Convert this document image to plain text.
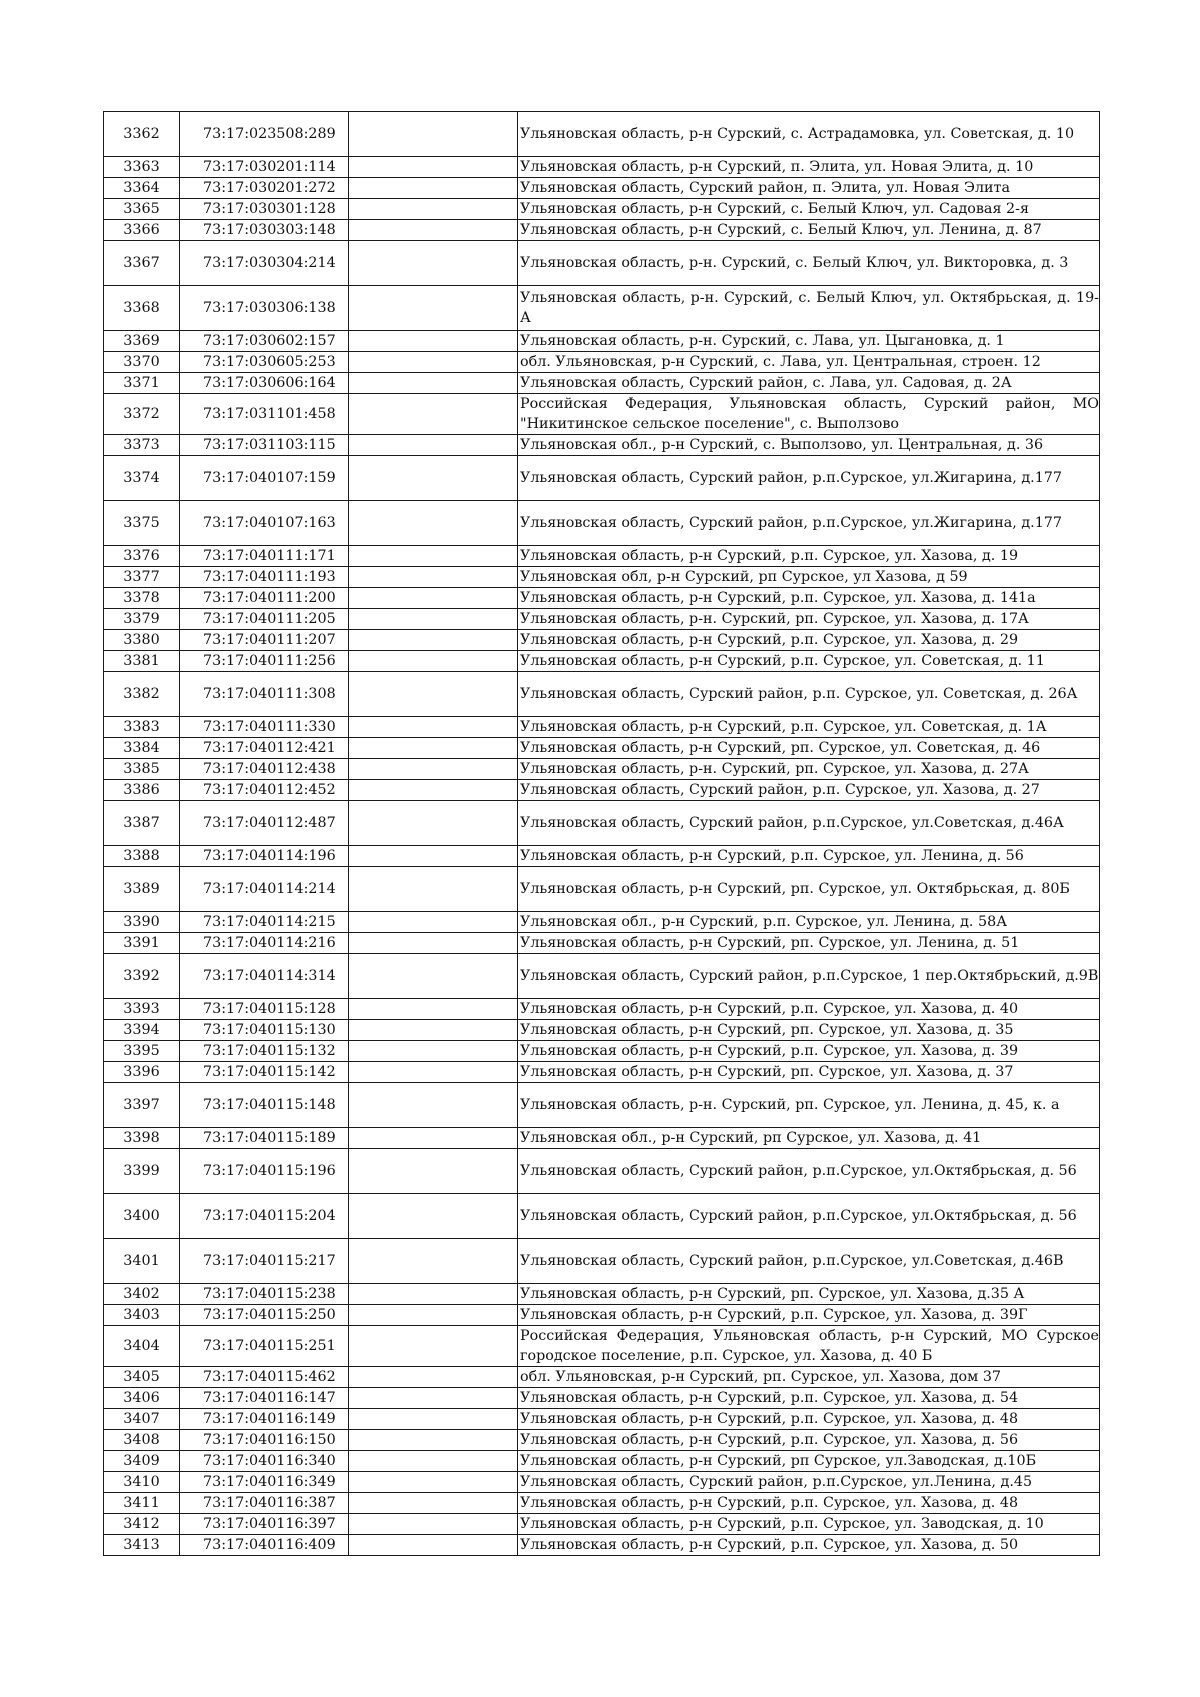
3362	73:17:023508:289		Ульяновская область, р-н Сурский, с. Астрадамовка, ул. Советская, д. 10
3363	73:17:030201:114		Ульяновская область, р-н Сурский, п. Элита, ул. Новая Элита, д. 10
3364	73:17:030201:272		Ульяновская область, Сурский район, п. Элита, ул. Новая Элита
3365	73:17:030301:128		Ульяновская область, р-н Сурский, с. Белый Ключ, ул. Садовая 2-я
3366	73:17:030303:148		Ульяновская область, р-н Сурский, с. Белый Ключ, ул. Ленина, д. 87
3367	73:17:030304:214		Ульяновская область, р-н. Сурский, с. Белый Ключ, ул. Викторовка, д. 3
3368	73:17:030306:138		Ульяновская область, р-н. Сурский, с. Белый Ключ, ул. Октябрьская, д. 19-А
3369	73:17:030602:157		Ульяновская область, р-н. Сурский, с. Лава, ул. Цыгановка, д. 1
3370	73:17:030605:253		обл. Ульяновская, р-н Сурский, с. Лава, ул. Центральная, строен. 12
3371	73:17:030606:164		Ульяновская область, Сурский район, с. Лава, ул. Садовая, д. 2А
3372	73:17:031101:458		Российская Федерация, Ульяновская область, Сурский район, МО "Никитинское сельское поселение", с. Выползово
3373	73:17:031103:115		Ульяновская обл., р-н Сурский, с. Выползово, ул. Центральная, д. 36
3374	73:17:040107:159		Ульяновская область, Сурский район, р.п.Сурское, ул.Жигарина, д.177
3375	73:17:040107:163		Ульяновская область, Сурский район, р.п.Сурское, ул.Жигарина, д.177
3376	73:17:040111:171		Ульяновская область, р-н Сурский, р.п. Сурское, ул. Хазова, д. 19
3377	73:17:040111:193		Ульяновская обл, р-н Сурский, рп Сурское, ул Хазова, д 59
3378	73:17:040111:200		Ульяновская область, р-н Сурский, р.п. Сурское, ул. Хазова, д. 141а
3379	73:17:040111:205		Ульяновская область, р-н. Сурский, рп. Сурское, ул. Хазова, д. 17А
3380	73:17:040111:207		Ульяновская область, р-н Сурский, р.п. Сурское, ул. Хазова, д. 29
3381	73:17:040111:256		Ульяновская область, р-н Сурский, р.п. Сурское, ул. Советская, д. 11
3382	73:17:040111:308		Ульяновская область, Сурский район, р.п. Сурское, ул. Советская, д. 26А
3383	73:17:040111:330		Ульяновская область, р-н Сурский, р.п. Сурское, ул. Советская, д. 1А
3384	73:17:040112:421		Ульяновская область, р-н Сурский, рп. Сурское, ул. Советская, д. 46
3385	73:17:040112:438		Ульяновская область, р-н. Сурский, рп. Сурское, ул. Хазова, д. 27А
3386	73:17:040112:452		Ульяновская область, Сурский район, р.п. Сурское, ул. Хазова, д. 27
3387	73:17:040112:487		Ульяновская область, Сурский район, р.п.Сурское, ул.Советская, д.46А
3388	73:17:040114:196		Ульяновская область, р-н Сурский, р.п. Сурское, ул. Ленина, д. 56
3389	73:17:040114:214		Ульяновская область, р-н Сурский, рп. Сурское, ул. Октябрьская, д. 80Б
3390	73:17:040114:215		Ульяновская обл., р-н Сурский, р.п. Сурское, ул. Ленина, д. 58А
3391	73:17:040114:216		Ульяновская область, р-н Сурский, рп. Сурское, ул. Ленина, д. 51
3392	73:17:040114:314		Ульяновская область, Сурский район, р.п.Сурское, 1 пер.Октябрьский, д.9В
3393	73:17:040115:128		Ульяновская область, р-н Сурский, р.п. Сурское, ул. Хазова, д. 40
3394	73:17:040115:130		Ульяновская область, р-н Сурский, рп. Сурское, ул. Хазова, д. 35
3395	73:17:040115:132		Ульяновская область, р-н Сурский, р.п. Сурское, ул. Хазова, д. 39
3396	73:17:040115:142		Ульяновская область, р-н Сурский, рп. Сурское, ул. Хазова, д. 37
3397	73:17:040115:148		Ульяновская область, р-н. Сурский, рп. Сурское, ул. Ленина, д. 45, к. а
3398	73:17:040115:189		Ульяновская обл., р-н Сурский, рп Сурское, ул. Хазова, д. 41
3399	73:17:040115:196		Ульяновская область, Сурский район, р.п.Сурское, ул.Октябрьская, д. 56
3400	73:17:040115:204		Ульяновская область, Сурский район, р.п.Сурское, ул.Октябрьская, д. 56
3401	73:17:040115:217		Ульяновская область, Сурский район, р.п.Сурское, ул.Советская, д.46В
3402	73:17:040115:238		Ульяновская область, р-н Сурский, рп. Сурское, ул. Хазова, д.35 А
3403	73:17:040115:250		Ульяновская область, р-н Сурский, р.п. Сурское, ул. Хазова, д. 39Г
3404	73:17:040115:251		Российская Федерация, Ульяновская область, р-н Сурский, МО Сурское городское поселение, р.п. Сурское, ул. Хазова, д. 40 Б
3405	73:17:040115:462		обл. Ульяновская, р-н Сурский, рп. Сурское, ул. Хазова, дом 37
3406	73:17:040116:147		Ульяновская область, р-н Сурский, р.п. Сурское, ул. Хазова, д. 54
3407	73:17:040116:149		Ульяновская область, р-н Сурский, р.п. Сурское, ул. Хазова, д. 48
3408	73:17:040116:150		Ульяновская область, р-н Сурский, р.п. Сурское, ул. Хазова, д. 56
3409	73:17:040116:340		Ульяновская область, р-н Сурский, рп Сурское, ул.Заводская, д.10Б
3410	73:17:040116:349		Ульяновская область, Сурский район, р.п.Сурское, ул.Ленина, д.45
3411	73:17:040116:387		Ульяновская область, р-н Сурский, р.п. Сурское, ул. Хазова, д. 48
3412	73:17:040116:397		Ульяновская область, р-н Сурский, р.п. Сурское, ул. Заводская, д. 10
3413	73:17:040116:409		Ульяновская область, р-н Сурский, р.п. Сурское, ул. Хазова, д. 50
